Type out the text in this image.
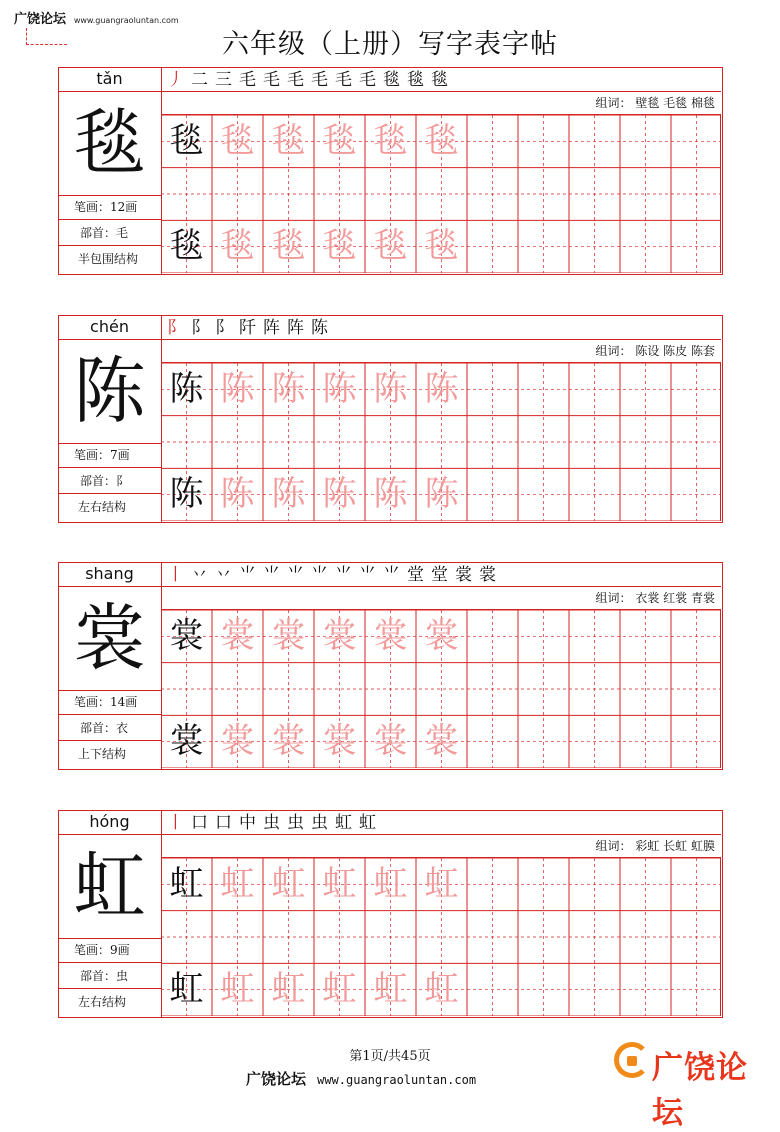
广饶论坛 www.guangraoluntan.com
六年级（上册）写字表字帖
tǎn
毯
笔画：12画
部首：毛
半包围结构
丿 二 三 毛 毛 毛 毛 毛 毛 毯 毯 毯
组词： 壁毯 毛毯 棉毯
毯 毯 毯 毯 毯 毯
毯 毯 毯 毯 毯 毯
chén
陈
笔画：7画
部首：阝
左右结构
阝 阝 阝 阡 阵 阵 陈
组词： 陈设 陈皮 陈套
陈 陈 陈 陈 陈 陈
陈 陈 陈 陈 陈 陈
shang
裳
笔画：14画
部首：衣
上下结构
丨 丷 丷 ⺌ ⺌ ⺌ ⺌ ⺌ ⺌ ⺌ 堂 堂 裳 裳
组词： 衣裳 红裳 青裳
裳 裳 裳 裳 裳 裳
裳 裳 裳 裳 裳 裳
hóng
虹
笔画：9画
部首：虫
左右结构
丨 口 口 中 虫 虫 虫 虹 虹
组词： 彩虹 长虹 虹膜
虹 虹 虹 虹 虹 虹
虹 虹 虹 虹 虹 虹
第1页/共45页
广饶论坛 www.guangraoluntan.com	广饶论坛
